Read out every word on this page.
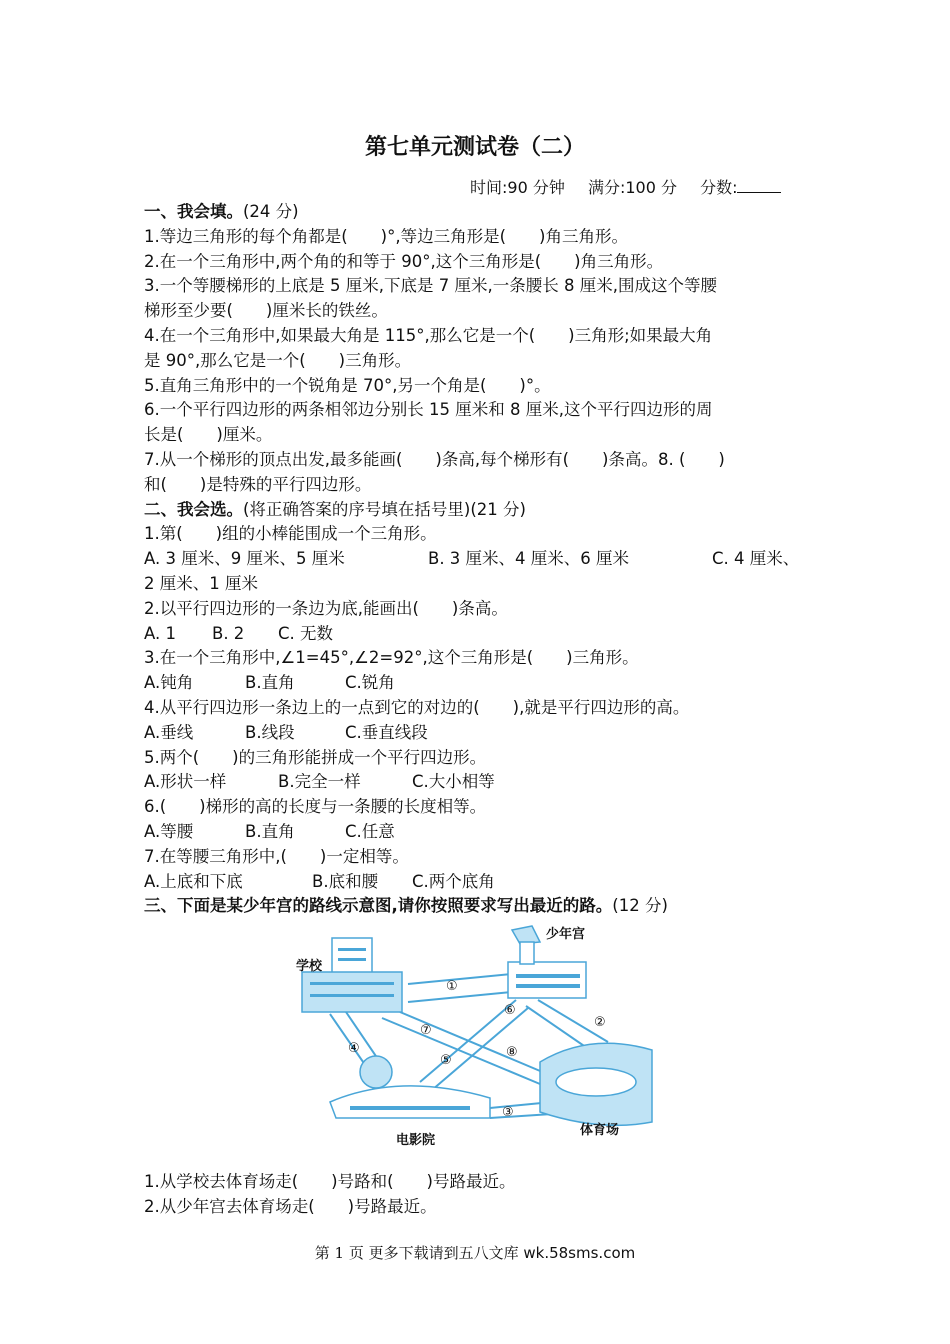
第七单元测试卷（二）
时间:90 分钟 满分:100 分 分数:
一、我会填。(24 分)
1.等边三角形的每个角都是(　　)°,等边三角形是(　　)角三角形。
2.在一个三角形中,两个角的和等于 90°,这个三角形是(　　)角三角形。
3.一个等腰梯形的上底是 5 厘米,下底是 7 厘米,一条腰长 8 厘米,围成这个等腰
梯形至少要(　　)厘米长的铁丝。
4.在一个三角形中,如果最大角是 115°,那么它是一个(　　)三角形;如果最大角
是 90°,那么它是一个(　　)三角形。
5.直角三角形中的一个锐角是 70°,另一个角是(　　)°。
6.一个平行四边形的两条相邻边分别长 15 厘米和 8 厘米,这个平行四边形的周
长是(　　)厘米。
7.从一个梯形的顶点出发,最多能画(　　)条高,每个梯形有(　　)条高。8. (　　)
和(　　)是特殊的平行四边形。
二、我会选。(将正确答案的序号填在括号里)(21 分)
1.第(　　)组的小棒能围成一个三角形。
A. 3 厘米、9 厘米、5 厘米	B. 3 厘米、4 厘米、6 厘米	C. 4 厘米、
2 厘米、1 厘米
2.以平行四边形的一条边为底,能画出(　　)条高。
A. 1 B. 2 C. 无数
3.在一个三角形中,∠1=45°,∠2=92°,这个三角形是(　　)三角形。
A.钝角	B.直角	C.锐角
4.从平行四边形一条边上的一点到它的对边的(　　),就是平行四边形的高。
A.垂线	B.线段	C.垂直线段
5.两个(　　)的三角形能拼成一个平行四边形。
A.形状一样	B.完全一样	C.大小相等
6.(　　)梯形的高的长度与一条腰的长度相等。
A.等腰	B.直角	C.任意
7.在等腰三角形中,(　　)一定相等。
A.上底和下底	B.底和腰 C.两个底角
三、下面是某少年宫的路线示意图,请你按照要求写出最近的路。(12 分)
学校
少年宫
体育场
电影院
①
②
③
④
⑤
⑥
⑦
⑧
1.从学校去体育场走(　　)号路和(　　)号路最近。
2.从少年宫去体育场走(　　)号路最近。
第 1 页 更多下载请到五八文库 wk.58sms.com
